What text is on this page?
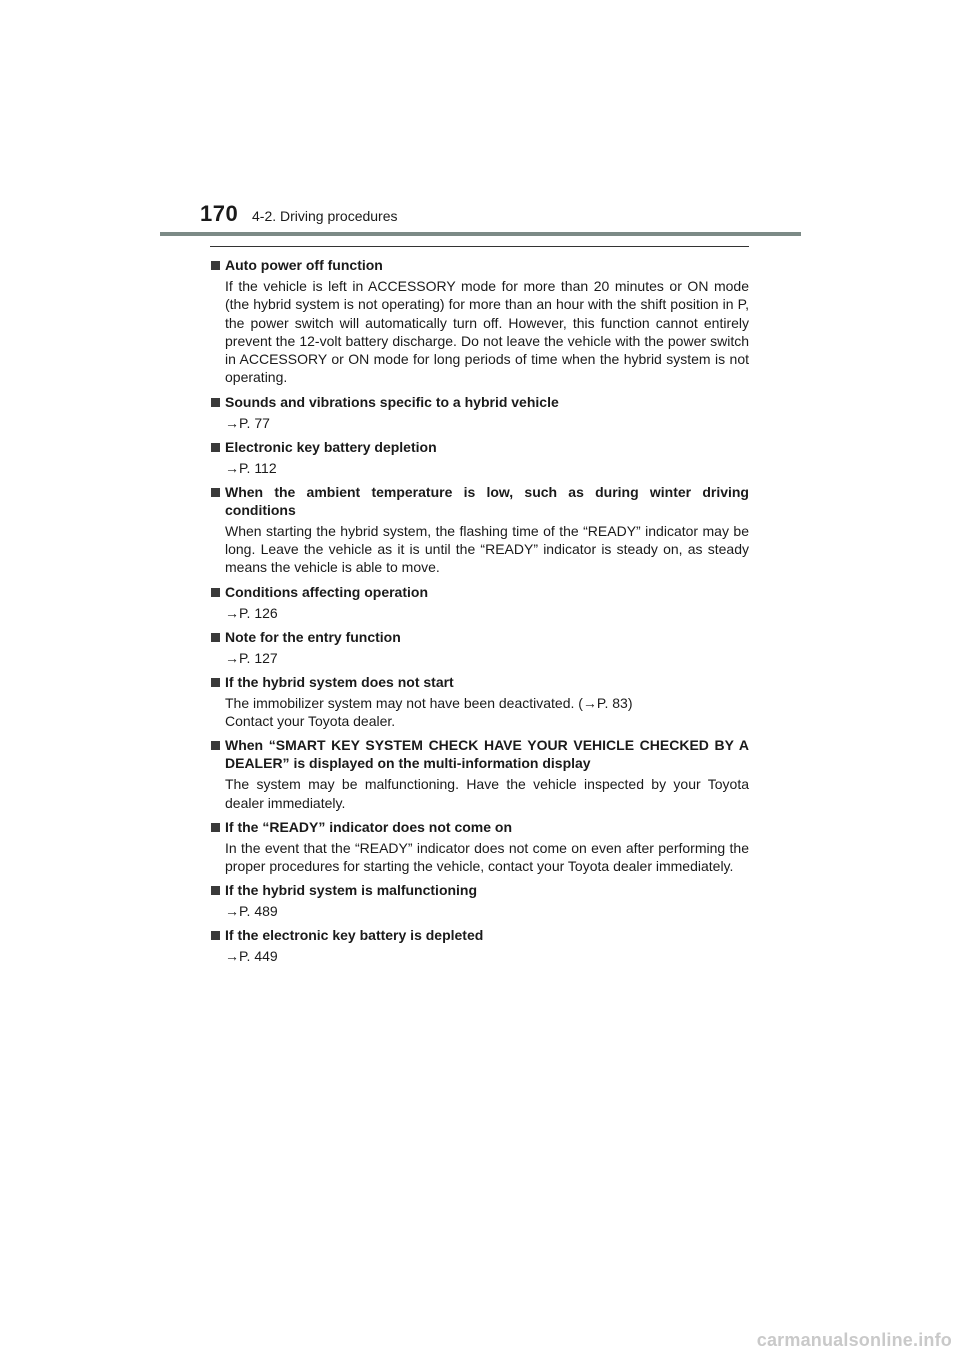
170 4-2. Driving procedures
Auto power off function
If the vehicle is left in ACCESSORY mode for more than 20 minutes or ON mode (the hybrid system is not operating) for more than an hour with the shift position in P, the power switch will automatically turn off. However, this function cannot entirely prevent the 12-volt battery discharge. Do not leave the vehicle with the power switch in ACCESSORY or ON mode for long periods of time when the hybrid system is not operating.
Sounds and vibrations specific to a hybrid vehicle
→P. 77
Electronic key battery depletion
→P. 112
When the ambient temperature is low, such as during winter driving conditions
When starting the hybrid system, the flashing time of the “READY” indicator may be long. Leave the vehicle as it is until the “READY” indicator is steady on, as steady means the vehicle is able to move.
Conditions affecting operation
→P. 126
Note for the entry function
→P. 127
If the hybrid system does not start
The immobilizer system may not have been deactivated. (→P. 83)
Contact your Toyota dealer.
When “SMART KEY SYSTEM CHECK HAVE YOUR VEHICLE CHECKED BY A DEALER” is displayed on the multi-information display
The system may be malfunctioning. Have the vehicle inspected by your Toyota dealer immediately.
If the “READY” indicator does not come on
In the event that the “READY” indicator does not come on even after performing the proper procedures for starting the vehicle, contact your Toyota dealer immediately.
If the hybrid system is malfunctioning
→P. 489
If the electronic key battery is depleted
→P. 449
carmanualsonline.info
